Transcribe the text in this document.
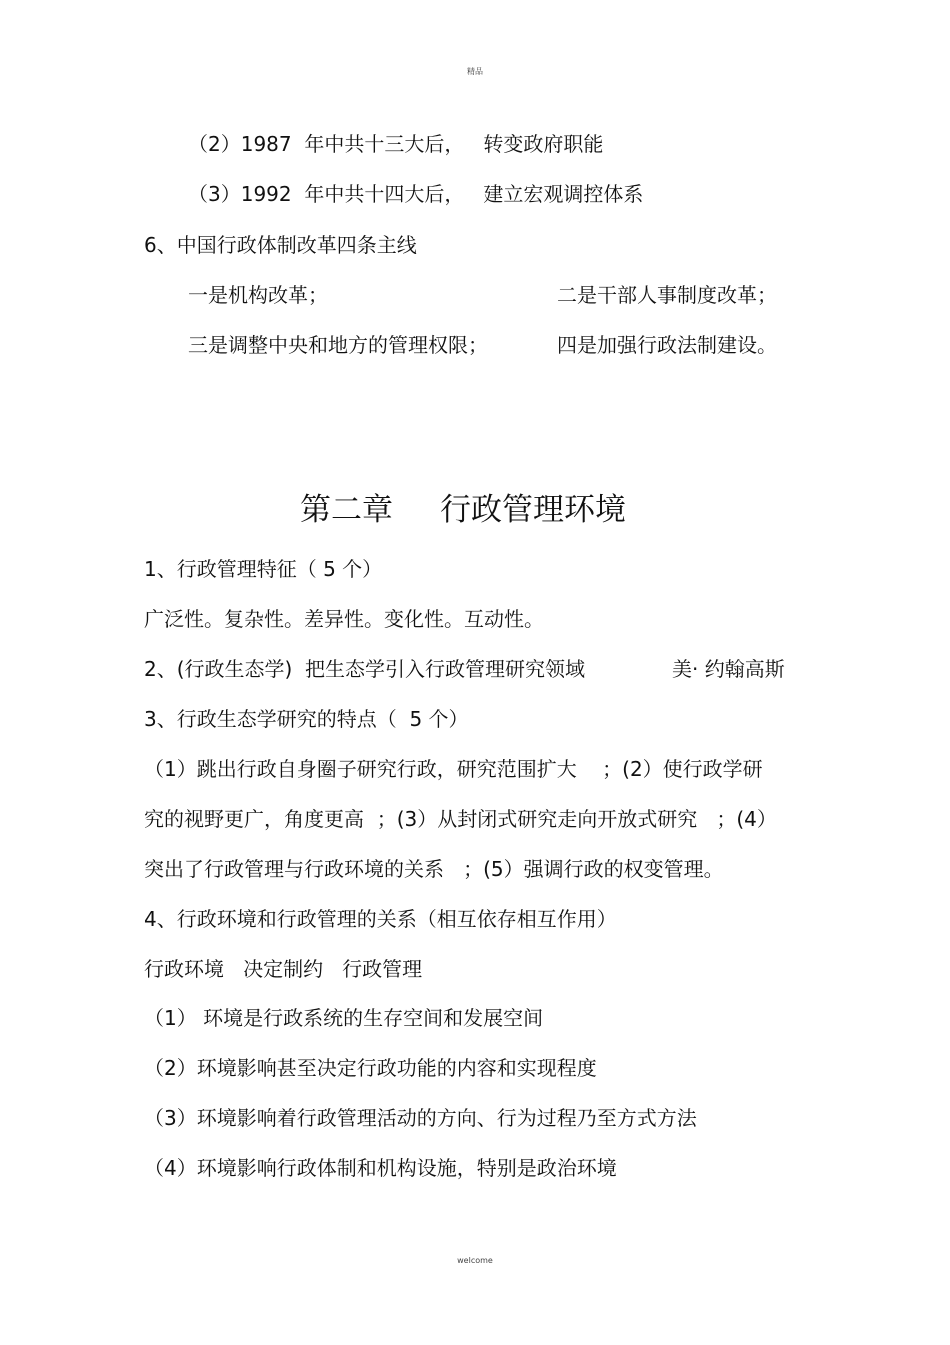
精品
（2）1987  年中共十三大后，   转变政府职能
（3）1992  年中共十四大后，   建立宏观调控体系
6、中国行政体制改革四条主线
一是机构改革；	二是干部人事制度改革；
三是调整中央和地方的管理权限；	四是加强行政法制建设。
第二章 行政管理环境
1、行政管理特征（ 5 个）
广泛性。复杂性。差异性。变化性。互动性。
2、(行政生态学)  把生态学引入行政管理研究领域	美· 约翰高斯
3、行政生态学研究的特点（  5 个）
（1）跳出行政自身圈子研究行政，研究范围扩大    ；(2）使行政学研
究的视野更广，角度更高  ；(3）从封闭式研究走向开放式研究   ；(4）
突出了行政管理与行政环境的关系   ；(5）强调行政的权变管理。
4、行政环境和行政管理的关系（相互依存相互作用）
行政环境   决定制约   行政管理
（1） 环境是行政系统的生存空间和发展空间
（2）环境影响甚至决定行政功能的内容和实现程度
（3）环境影响着行政管理活动的方向、行为过程乃至方式方法
（4）环境影响行政体制和机构设施，特别是政治环境
welcome
